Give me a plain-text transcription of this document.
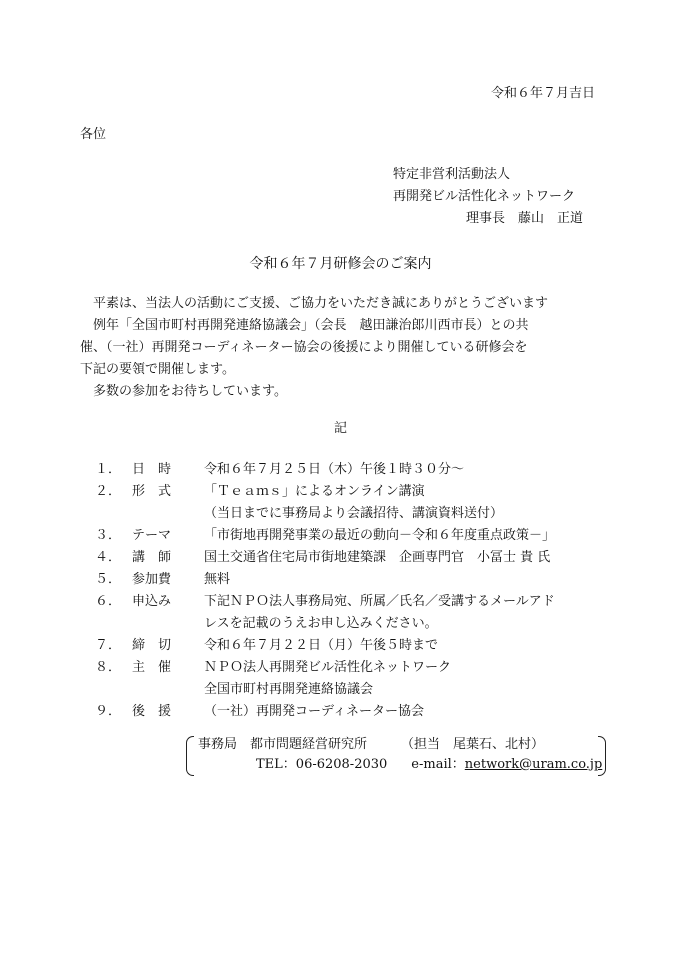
令和６年７月吉日
各位
特定非営利活動法人
再開発ビル活性化ネットワーク
理事長　藤山　正道
令和６年７月研修会のご案内

平素は、当法人の活動にご支援、ご協力をいただき誠にありがとうございます

例年「全国市町村再開発連絡協議会」（会長　越田謙治郎川西市長）との共

催、（一社）再開発コーディネーター協会の後援により開催している研修会を

下記の要領で開催します。

多数の参加をお待ちしています。

記
１． 日　時	令和６年７月２５日（木）午後１時３０分～
２． 形　式	「Ｔｅａｍｓ」によるオンライン講演
（当日までに事務局より会議招待、講演資料送付）
３． テーマ	「市街地再開発事業の最近の動向－令和６年度重点政策－」
４． 講　師	国土交通省住宅局市街地建築課　企画専門官　小冨士 貴 氏
５． 参加費	無料
６． 申込み	下記ＮＰＯ法人事務局宛、所属／氏名／受講するメールアド
レスを記載のうえお申し込みください。
７． 締　切	令和６年７月２２日（月）午後５時まで
８． 主　催	ＮＰＯ法人再開発ビル活性化ネットワーク
全国市町村再開発連絡協議会
９． 後　援	（一社）再開発コーディネーター協会
事務局　都市問題経営研究所	（担当　尾葉石、北村）
TEL：06-6208-2030 e-mail：network@uram.co.jp
